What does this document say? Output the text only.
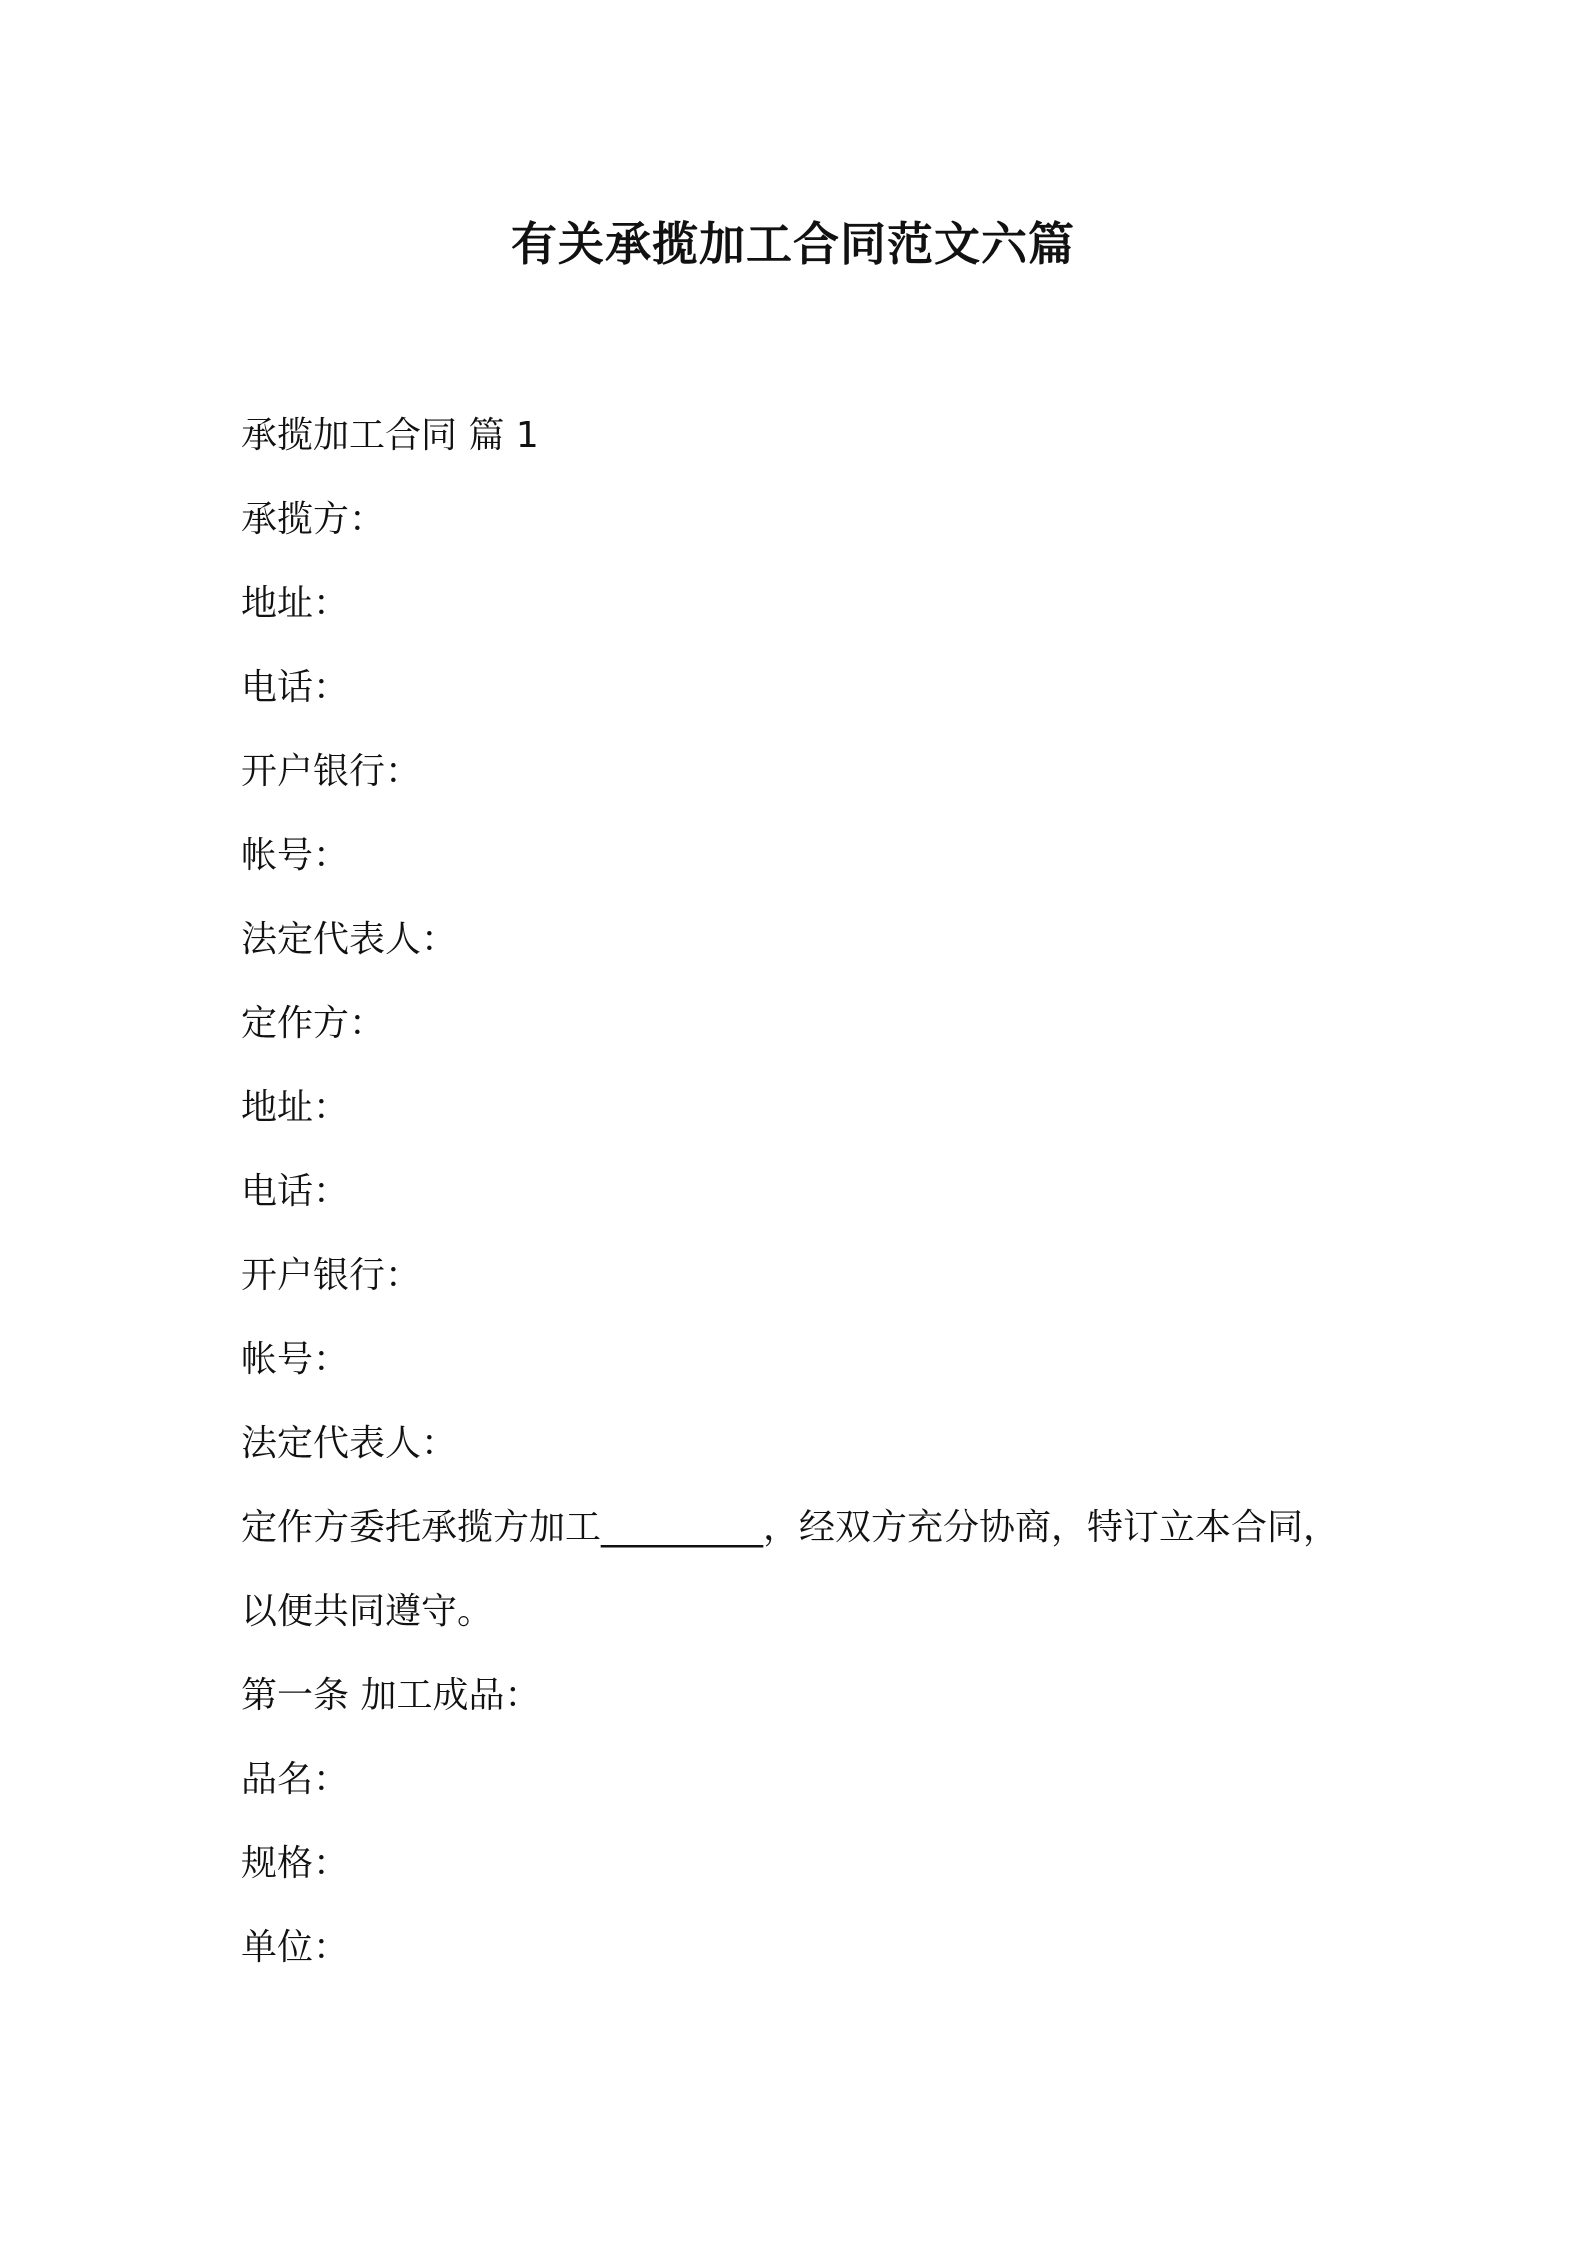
有关承揽加工合同范文六篇
承揽加工合同 篇 1
承揽方：
地址：
电话：
开户银行：
帐号：
法定代表人：
定作方：
地址：
电话：
开户银行：
帐号：
法定代表人：
定作方委托承揽方加工_________，经双方充分协商，特订立本合同，
以便共同遵守。
第一条 加工成品：
品名：
规格：
单位：
